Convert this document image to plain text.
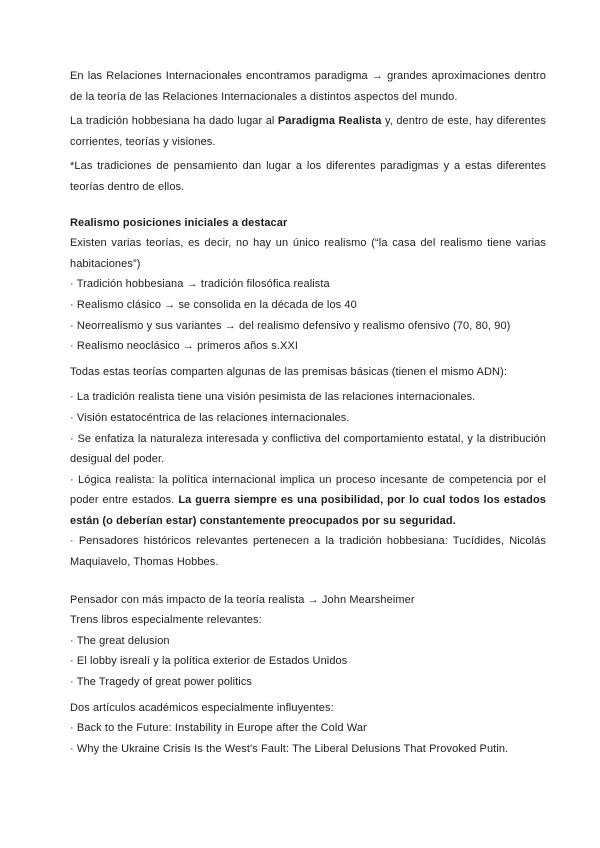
En las Relaciones Internacionales encontramos paradigma → grandes aproximaciones dentro de la teoría de las Relaciones Internacionales a distintos aspectos del mundo.

La tradición hobbesiana ha dado lugar al Paradigma Realista y, dentro de este, hay diferentes corrientes, teorías y visiones.

*Las tradiciones de pensamiento dan lugar a los diferentes paradigmas y a estas diferentes teorías dentro de ellos.

Realismo posiciones iniciales a destacar

Existen varias teorías, es decir, no hay un único realismo (“la casa del realismo tiene varias habitaciones”)

· Tradición hobbesiana → tradición filosófica realista

· Realismo clásico → se consolida en la década de los 40

· Neorrealismo y sus variantes → del realismo defensivo y realismo ofensivo (70, 80, 90)

· Realismo neoclásico → primeros años s.XXI

Todas estas teorías comparten algunas de las premisas básicas (tienen el mismo ADN):

· La tradición realista tiene una visión pesimista de las relaciones internacionales.

· Visión estatocéntrica de las relaciones internacionales.

· Se enfatiza la naturaleza interesada y conflictiva del comportamiento estatal, y la distribución desigual del poder.

· Lógica realista: la política internacional implica un proceso incesante de competencia por el poder entre estados. La guerra siempre es una posibilidad, por lo cual todos los estados están (o deberían estar) constantemente preocupados por su seguridad.

· Pensadores históricos relevantes pertenecen a la tradición hobbesiana: Tucídides, Nicolás Maquiavelo, Thomas Hobbes.

Pensador con más impacto de la teoría realista → John Mearsheimer

Trens libros especialmente relevantes:

· The great delusion

· El lobby isrealí y la política exterior de Estados Unidos

· The Tragedy of great power politics

Dos artículos académicos especialmente influyentes:

· Back to the Future: Instability in Europe after the Cold War

· Why the Ukraine Crisis Is the West's Fault: The Liberal Delusions That Provoked Putin.
